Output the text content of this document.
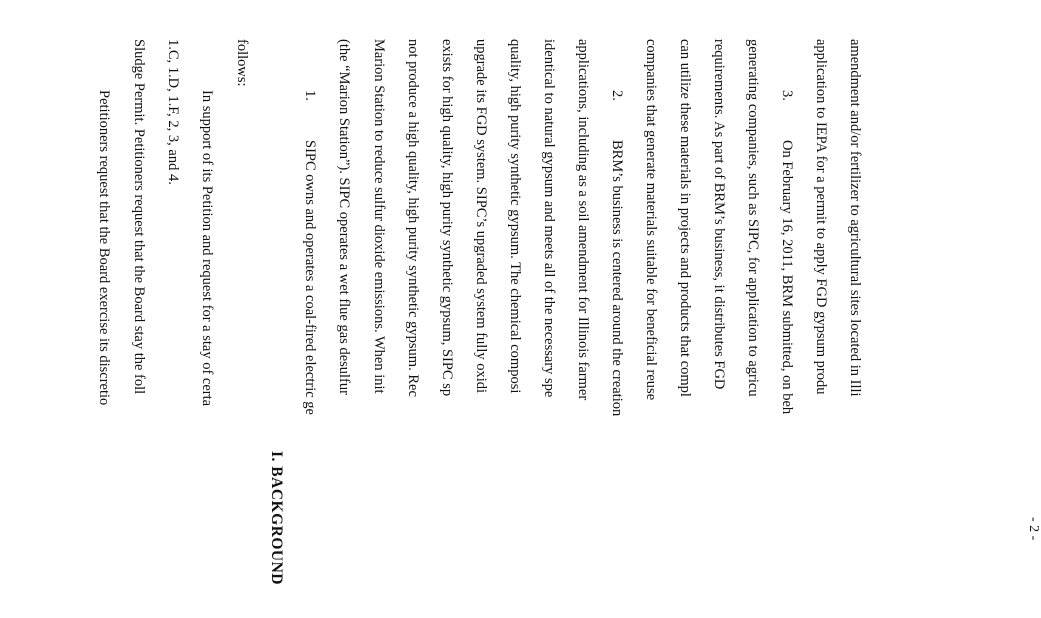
Petitioners request that the Board exercise its discretio Sludge Permit. Petitioners request that the Board stay the foll 1.C, 1.D, 1.F, 2, 3, and 4. In support of its Petition and request for a stay of certa
follows:
I. BACKGROUND
1.
SIPC owns and operates a coal-fired electric ge (the “Marion Station”). SIPC operates a wet flue gas desulfur Marion Station to reduce sulfur dioxide emissions. When init not produce a high quality, high purity synthetic gypsum. Rec exists for high quality, high purity synthetic gypsum, SIPC sp upgrade its FGD system. SIPC’s upgraded system fully oxidi quality, high purity synthetic gypsum. The chemical composi identical to natural gypsum and meets all of the necessary spe applications, including as a soil amendment for Illinois farmer 2.
BRM’s business is centered around the creation companies that generate materials suitable for beneficial reuse can utilize these materials in projects and products that compl requirements. As part of BRM’s business, it distributes FGD generating companies, such as SIPC, for application to agricu 3.
On February 16, 2011, BRM submitted, on beh application to IEPA for a permit to apply FGD gypsum produ amendment and/or fertilizer to agricultural sites located in Illi
- 2 -
